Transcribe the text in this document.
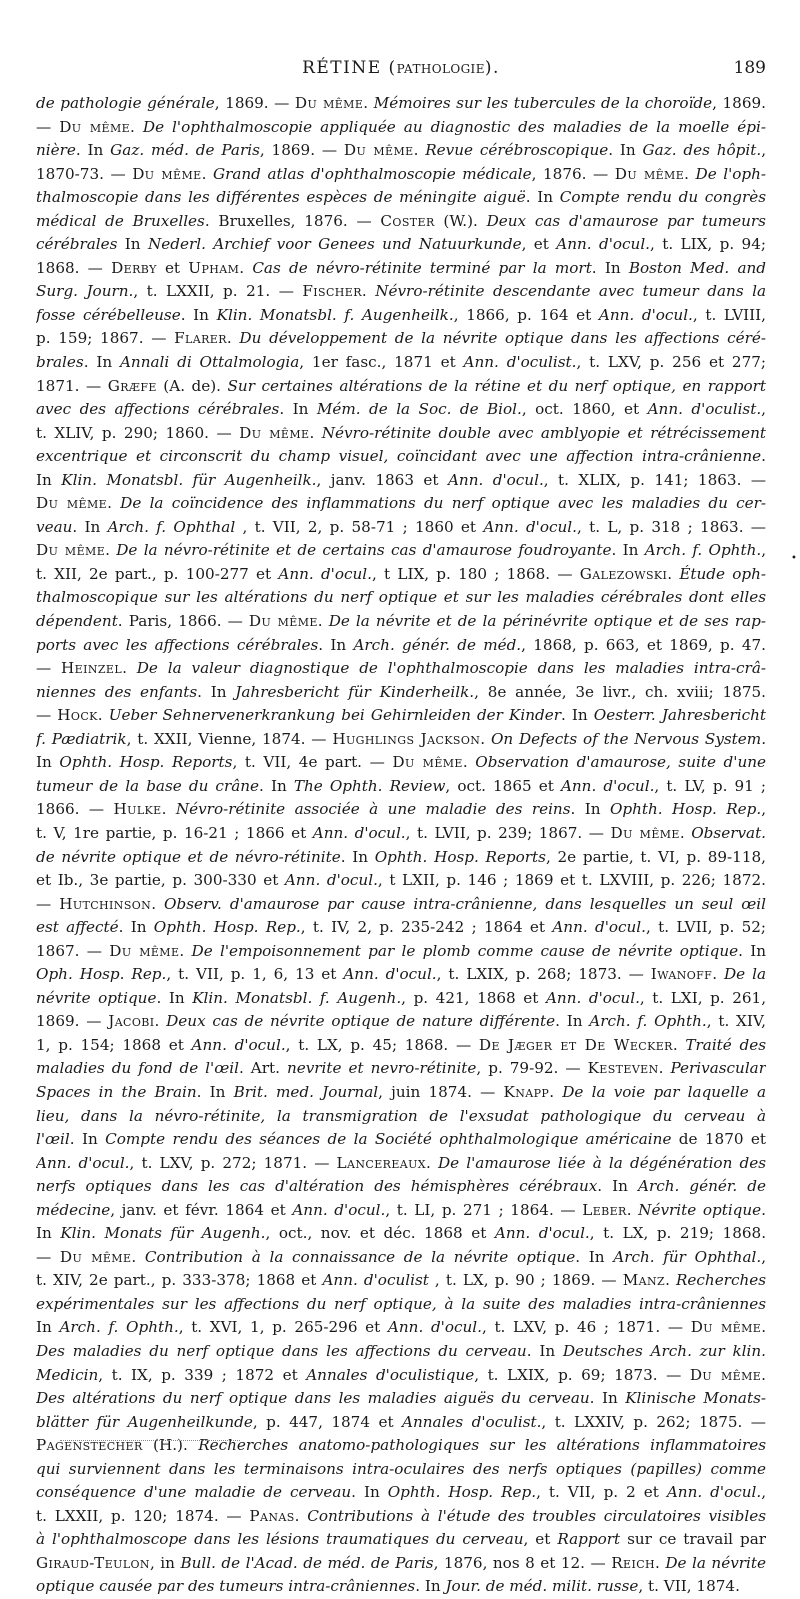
RÉTINE (pathologie).	189
de pathologie générale, 1869. — Du même. Mémoires sur les tubercules de la choroïde, 1869.
— Du même. De l'ophthalmoscopie appliquée au diagnostic des maladies de la moelle épi-
nière. In Gaz. méd. de Paris, 1869. — Du même. Revue cérébroscopique. In Gaz. des hôpit.,
1870-73. — Du même. Grand atlas d'ophthalmoscopie médicale, 1876. — Du même. De l'oph-
thalmoscopie dans les différentes espèces de méningite aiguë. In Compte rendu du congrès
médical de Bruxelles. Bruxelles, 1876. — Coster (W.). Deux cas d'amaurose par tumeurs
cérébrales In Nederl. Archief voor Genees und Natuurkunde, et Ann. d'ocul., t. LIX, p. 94;
1868. — Derby et Upham. Cas de névro-rétinite terminé par la mort. In Boston Med. and
Surg. Journ., t. LXXII, p. 21. — Fischer. Névro-rétinite descendante avec tumeur dans la
fosse cérébelleuse. In Klin. Monatsbl. f. Augenheilk., 1866, p. 164 et Ann. d'ocul., t. LVIII,
p. 159; 1867. — Flarer. Du développement de la névrite optique dans les affections céré-
brales. In Annali di Ottalmologia, 1er fasc., 1871 et Ann. d'oculist., t. LXV, p. 256 et 277;
1871. — Græfe (A. de). Sur certaines altérations de la rétine et du nerf optique, en rapport
avec des affections cérébrales. In Mém. de la Soc. de Biol., oct. 1860, et Ann. d'oculist.,
t. XLIV, p. 290; 1860. — Du même. Névro-rétinite double avec amblyopie et rétrécissement
excentrique et circonscrit du champ visuel, coïncidant avec une affection intra-crânienne.
In Klin. Monatsbl. für Augenheilk., janv. 1863 et Ann. d'ocul., t. XLIX, p. 141; 1863. —
Du même. De la coïncidence des inflammations du nerf optique avec les maladies du cer-
veau. In Arch. f. Ophthal , t. VII, 2, p. 58-71 ; 1860 et Ann. d'ocul., t. L, p. 318 ; 1863. —
Du même. De la névro-rétinite et de certains cas d'amaurose foudroyante. In Arch. f. Ophth.,
t. XII, 2e part., p. 100-277 et Ann. d'ocul., t LIX, p. 180 ; 1868. — Galezowski. Étude oph-
thalmoscopique sur les altérations du nerf optique et sur les maladies cérébrales dont elles
dépendent. Paris, 1866. — Du même. De la névrite et de la périnévrite optique et de ses rap-
ports avec les affections cérébrales. In Arch. génér. de méd., 1868, p. 663, et 1869, p. 47.
— Heinzel. De la valeur diagnostique de l'ophthalmoscopie dans les maladies intra-crâ-
niennes des enfants. In Jahresbericht für Kinderheilk., 8e année, 3e livr., ch. xviii; 1875.
— Hock. Ueber Sehnervenerkrankung bei Gehirnleiden der Kinder. In Oesterr. Jahresbericht
f. Pædiatrik, t. XXII, Vienne, 1874. — Hughlings Jackson. On Defects of the Nervous System.
In Ophth. Hosp. Reports, t. VII, 4e part. — Du même. Observation d'amaurose, suite d'une
tumeur de la base du crâne. In The Ophth. Review, oct. 1865 et Ann. d'ocul., t. LV, p. 91 ;
1866. — Hulke. Névro-rétinite associée à une maladie des reins. In Ophth. Hosp. Rep.,
t. V, 1re partie, p. 16-21 ; 1866 et Ann. d'ocul., t. LVII, p. 239; 1867. — Du même. Observat.
de névrite optique et de névro-rétinite. In Ophth. Hosp. Reports, 2e partie, t. VI, p. 89-118,
et Ib., 3e partie, p. 300-330 et Ann. d'ocul., t LXII, p. 146 ; 1869 et t. LXVIII, p. 226; 1872.
— Hutchinson. Observ. d'amaurose par cause intra-crânienne, dans lesquelles un seul œil
est affecté. In Ophth. Hosp. Rep., t. IV, 2, p. 235-242 ; 1864 et Ann. d'ocul., t. LVII, p. 52;
1867. — Du même. De l'empoisonnement par le plomb comme cause de névrite optique. In
Oph. Hosp. Rep., t. VII, p. 1, 6, 13 et Ann. d'ocul., t. LXIX, p. 268; 1873. — Iwanoff. De la
névrite optique. In Klin. Monatsbl. f. Augenh., p. 421, 1868 et Ann. d'ocul., t. LXI, p. 261,
1869. — Jacobi. Deux cas de névrite optique de nature différente. In Arch. f. Ophth., t. XIV,
1, p. 154; 1868 et Ann. d'ocul., t. LX, p. 45; 1868. — De Jæger et De Wecker. Traité des
maladies du fond de l'œil. Art. nevrite et nevro-rétinite, p. 79-92. — Kesteven. Perivascular
Spaces in the Brain. In Brit. med. Journal, juin 1874. — Knapp. De la voie par laquelle a
lieu, dans la névro-rétinite, la transmigration de l'exsudat pathologique du cerveau à
l'œil. In Compte rendu des séances de la Société ophthalmologique américaine de 1870 et
Ann. d'ocul., t. LXV, p. 272; 1871. — Lancereaux. De l'amaurose liée à la dégénération des
nerfs optiques dans les cas d'altération des hémisphères cérébraux. In Arch. génér. de
médecine, janv. et févr. 1864 et Ann. d'ocul., t. LI, p. 271 ; 1864. — Leber. Névrite optique.
In Klin. Monats für Augenh., oct., nov. et déc. 1868 et Ann. d'ocul., t. LX, p. 219; 1868.
— Du même. Contribution à la connaissance de la névrite optique. In Arch. für Ophthal.,
t. XIV, 2e part., p. 333-378; 1868 et Ann. d'oculist , t. LX, p. 90 ; 1869. — Manz. Recherches
expérimentales sur les affections du nerf optique, à la suite des maladies intra-crâniennes
In Arch. f. Ophth., t. XVI, 1, p. 265-296 et Ann. d'ocul., t. LXV, p. 46 ; 1871. — Du même.
Des maladies du nerf optique dans les affections du cerveau. In Deutsches Arch. zur klin.
Medicin, t. IX, p. 339 ; 1872 et Annales d'oculistique, t. LXIX, p. 69; 1873. — Du même.
Des altérations du nerf optique dans les maladies aiguës du cerveau. In Klinische Monats-
blätter für Augenheilkunde, p. 447, 1874 et Annales d'oculist., t. LXXIV, p. 262; 1875. —
Pagenstecher (H.). Recherches anatomo-pathologiques sur les altérations inflammatoires
qui surviennent dans les terminaisons intra-oculaires des nerfs optiques (papilles) comme
conséquence d'une maladie de cerveau. In Ophth. Hosp. Rep., t. VII, p. 2 et Ann. d'ocul.,
t. LXXII, p. 120; 1874. — Panas. Contributions à l'étude des troubles circulatoires visibles
à l'ophthalmoscope dans les lésions traumatiques du cerveau, et Rapport sur ce travail par
Giraud-Teulon, in Bull. de l'Acad. de méd. de Paris, 1876, nos 8 et 12. — Reich. De la névrite
optique causée par des tumeurs intra-crâniennes. In Jour. de méd. milit. russe, t. VII, 1874.
•
